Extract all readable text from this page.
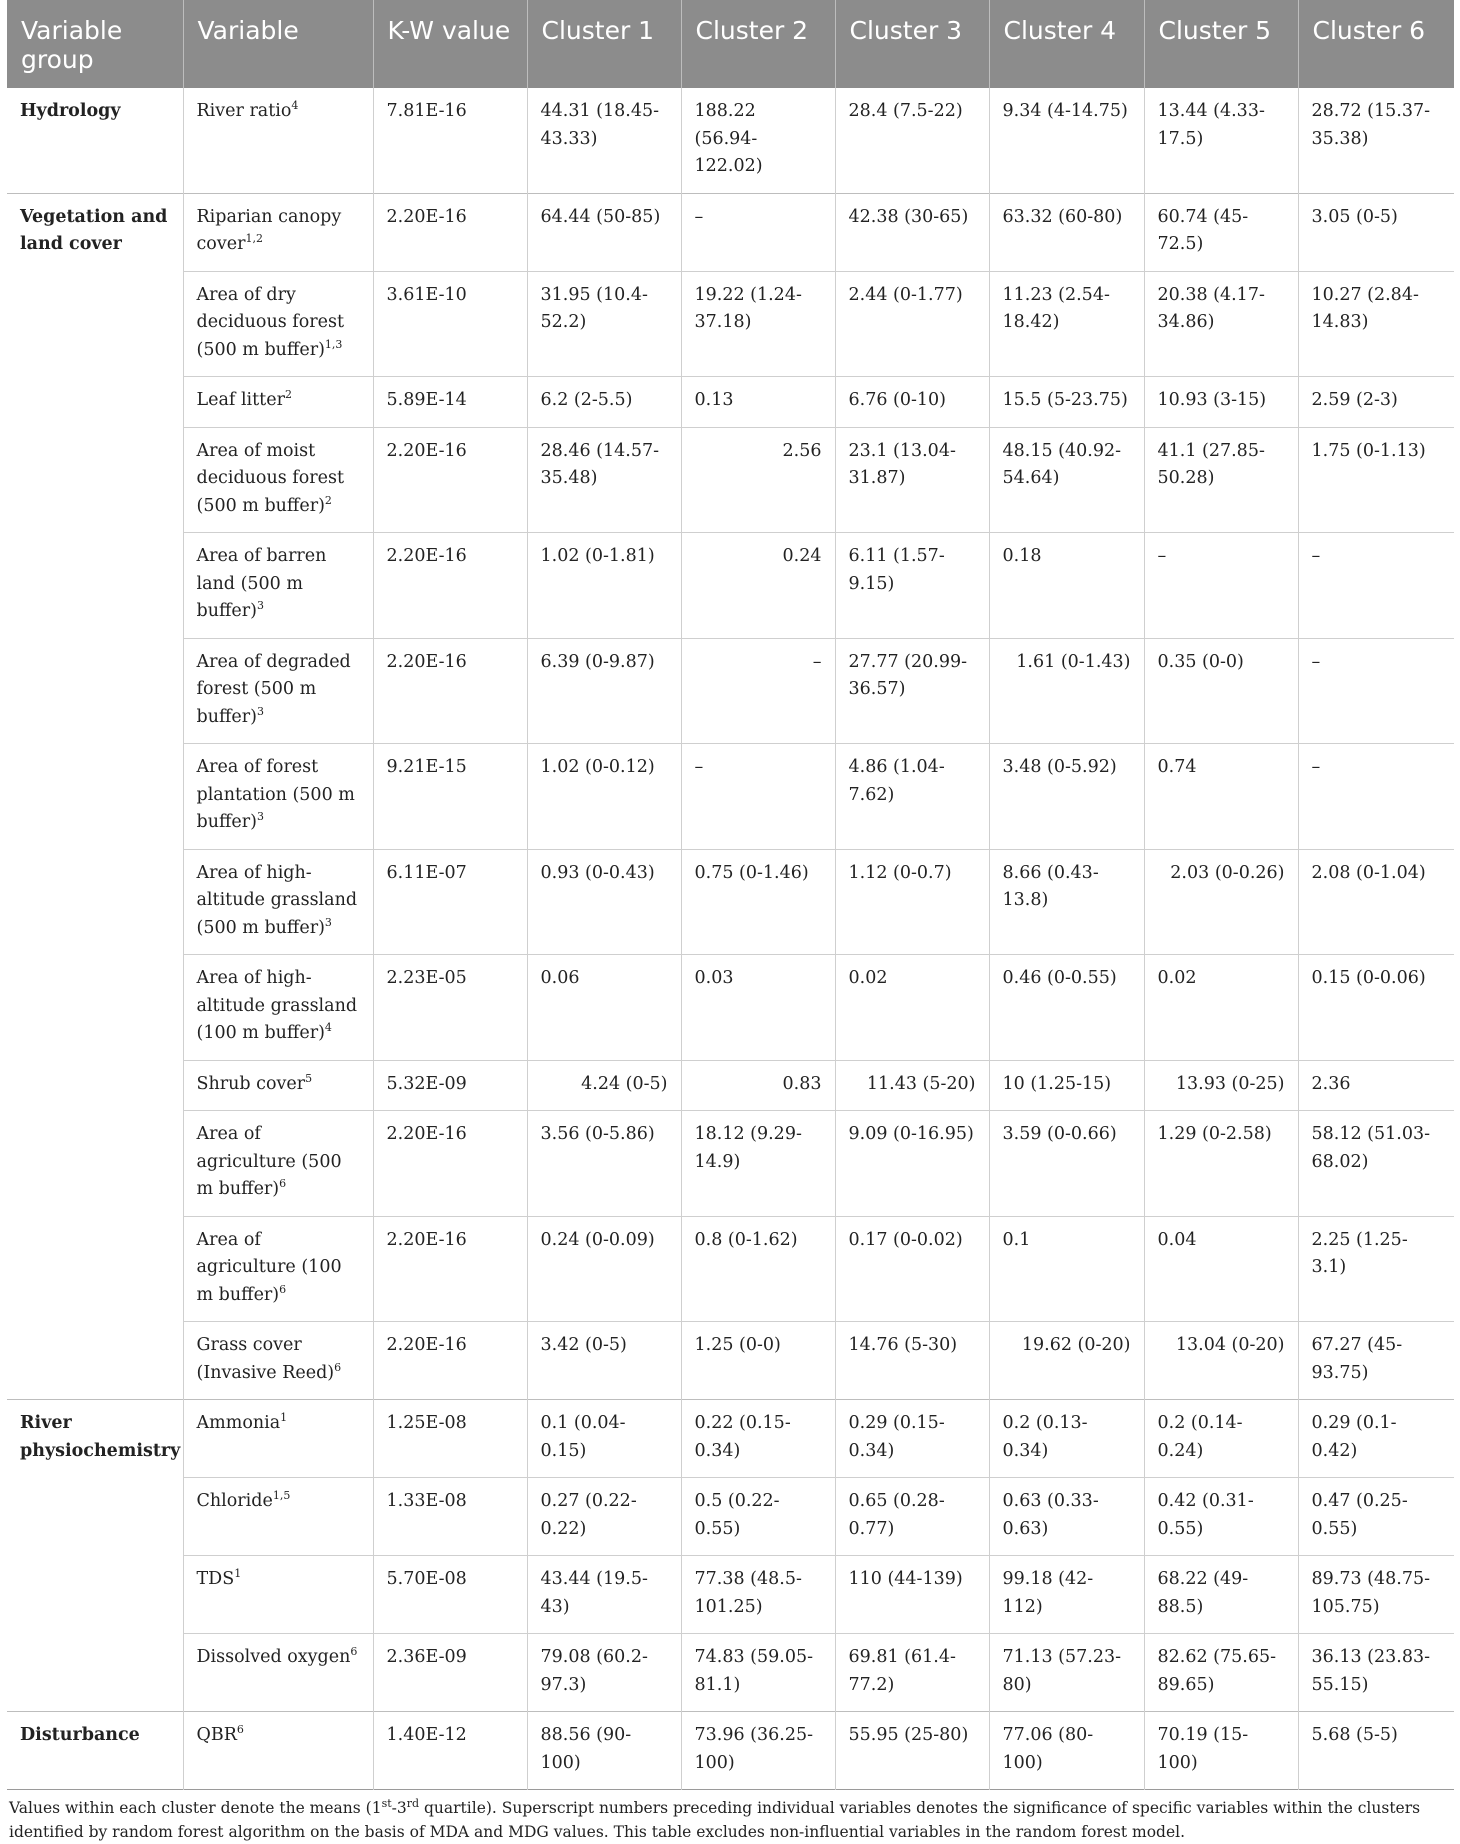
Variable group	Variable	K-W value	Cluster 1	Cluster 2	Cluster 3	Cluster 4	Cluster 5	Cluster 6
Hydrology	River ratio$^4$	7.81E-16	44.31 (18.45-43.33)	188.22 (56.94-122.02)	28.4 (7.5-22)	9.34 (4-14.75)	13.44 (4.33-17.5)	28.72 (15.37-35.38)
Vegetation and land cover	Riparian canopy cover$^{1,2}$	2.20E-16	64.44 (50-85)	–	42.38 (30-65)	63.32 (60-80)	60.74 (45-72.5)	3.05 (0-5)
	Area of dry deciduous forest (500 m buffer)$^{1,3}$	3.61E-10	31.95 (10.4-52.2)	19.22 (1.24-37.18)	2.44 (0-1.77)	11.23 (2.54-18.42)	20.38 (4.17-34.86)	10.27 (2.84-14.83)
	Leaf litter$^2$	5.89E-14	6.2 (2-5.5)	0.13	6.76 (0-10)	15.5 (5-23.75)	10.93 (3-15)	2.59 (2-3)
	Area of moist deciduous forest (500 m buffer)$^2$	2.20E-16	28.46 (14.57-35.48)	2.56	23.1 (13.04-31.87)	48.15 (40.92-54.64)	41.1 (27.85-50.28)	1.75 (0-1.13)
	Area of barren land (500 m buffer)$^3$	2.20E-16	1.02 (0-1.81)	0.24	6.11 (1.57-9.15)	0.18	–	–
	Area of degraded forest (500 m buffer)$^3$	2.20E-16	6.39 (0-9.87)	–	27.77 (20.99-36.57)	1.61 (0-1.43)	0.35 (0-0)	–
	Area of forest plantation (500 m buffer)$^3$	9.21E-15	1.02 (0-0.12)	–	4.86 (1.04-7.62)	3.48 (0-5.92)	0.74	–
	Area of high-altitude grassland (500 m buffer)$^3$	6.11E-07	0.93 (0-0.43)	0.75 (0-1.46)	1.12 (0-0.7)	8.66 (0.43-13.8)	2.03 (0-0.26)	2.08 (0-1.04)
	Area of high-altitude grassland (100 m buffer)$^4$	2.23E-05	0.06	0.03	0.02	0.46 (0-0.55)	0.02	0.15 (0-0.06)
	Shrub cover$^5$	5.32E-09	4.24 (0-5)	0.83	11.43 (5-20)	10 (1.25-15)	13.93 (0-25)	2.36
	Area of agriculture (500 m buffer)$^6$	2.20E-16	3.56 (0-5.86)	18.12 (9.29-14.9)	9.09 (0-16.95)	3.59 (0-0.66)	1.29 (0-2.58)	58.12 (51.03-68.02)
	Area of agriculture (100 m buffer)$^6$	2.20E-16	0.24 (0-0.09)	0.8 (0-1.62)	0.17 (0-0.02)	0.1	0.04	2.25 (1.25-3.1)
	Grass cover (Invasive Reed)$^6$	2.20E-16	3.42 (0-5)	1.25 (0-0)	14.76 (5-30)	19.62 (0-20)	13.04 (0-20)	67.27 (45-93.75)
River physiochemistry	Ammonia$^1$	1.25E-08	0.1 (0.04-0.15)	0.22 (0.15-0.34)	0.29 (0.15-0.34)	0.2 (0.13-0.34)	0.2 (0.14-0.24)	0.29 (0.1-0.42)
	Chloride$^{1,5}$	1.33E-08	0.27 (0.22-0.22)	0.5 (0.22-0.55)	0.65 (0.28-0.77)	0.63 (0.33-0.63)	0.42 (0.31-0.55)	0.47 (0.25-0.55)
	TDS$^1$	5.70E-08	43.44 (19.5-43)	77.38 (48.5-101.25)	110 (44-139)	99.18 (42-112)	68.22 (49-88.5)	89.73 (48.75-105.75)
	Dissolved oxygen$^6$	2.36E-09	79.08 (60.2-97.3)	74.83 (59.05-81.1)	69.81 (61.4-77.2)	71.13 (57.23-80)	82.62 (75.65-89.65)	36.13 (23.83-55.15)
Disturbance	QBR$^6$	1.40E-12	88.56 (90-100)	73.96 (36.25-100)	55.95 (25-80)	77.06 (80-100)	70.19 (15-100)	5.68 (5-5)
Values within each cluster denote the means (1st-3rd quartile). Superscript numbers preceding individual variables denotes the significance of specific variables within the clusters identified by random forest algorithm on the basis of MDA and MDG values. This table excludes non-influential variables in the random forest model.
